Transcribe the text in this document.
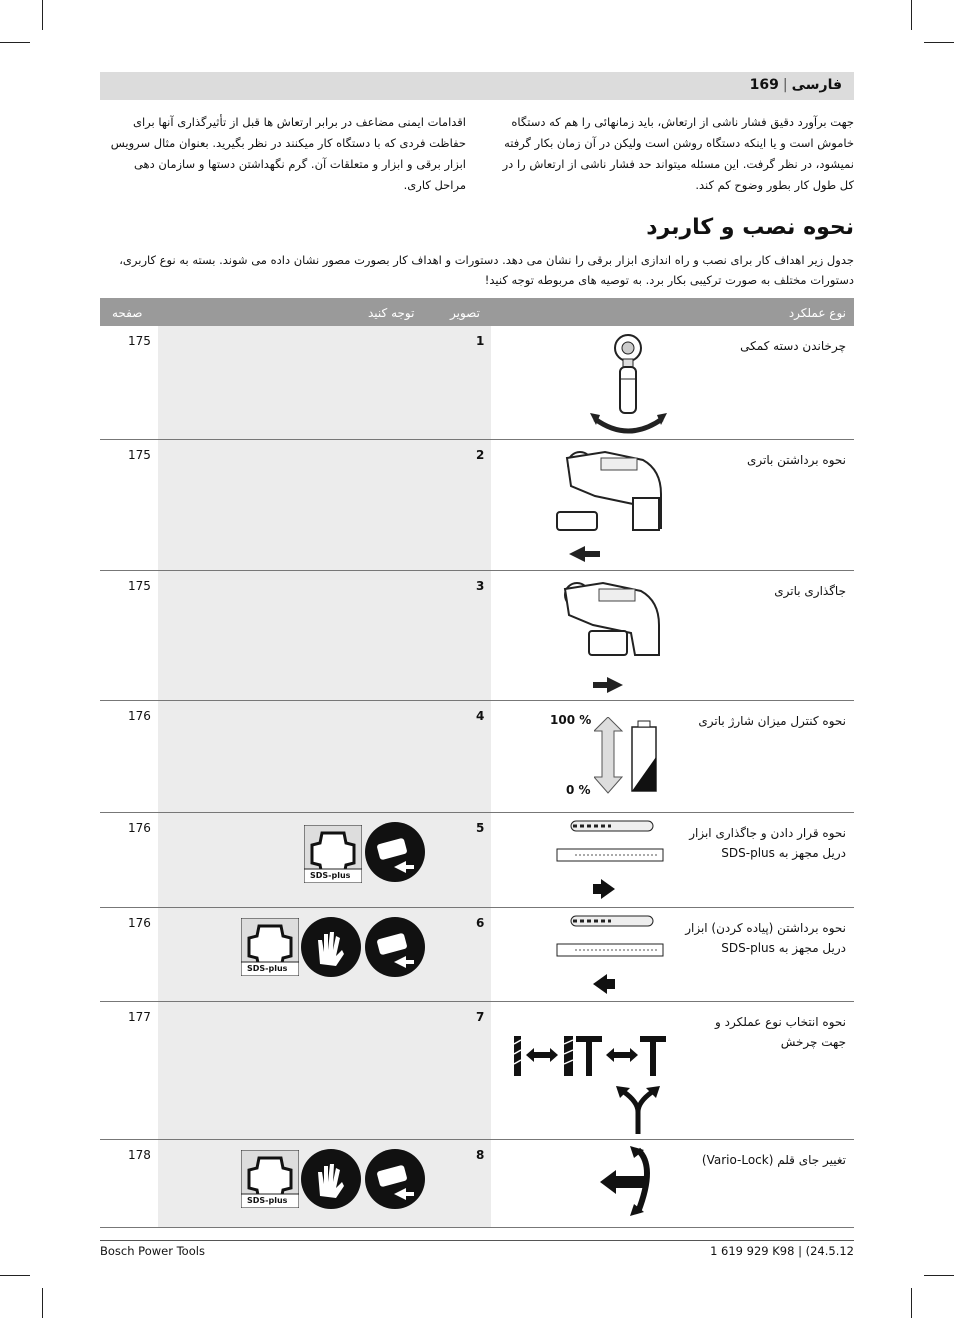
فارسی|169
جهت برآورد دقیق فشار ناشی از ارتعاش، باید زمانهائی را هم که دستگاه خاموش است و یا اینکه دستگاه روشن است ولیکن در آن زمان بکار گرفته نمیشود، در نظر گرفت. این مسئله میتواند حد فشار ناشی از ارتعاش را در کل طول کار بطور وضوح کم کند.
اقدامات ایمنی مضاعف در برابر ارتعاش ها قبل از تأثیرگذاری آنها برای حفاظت فردی که با دستگاه کار میکنند در نظر بگیرید. بعنوان مثال سرویس ابزار برقی و ابزار و متعلقات آن. گرم نگهداشتن دستها و سازمان دهی مراحل کاری.
نحوه نصب و کاربرد
جدول زیر اهداف کار برای نصب و راه اندازی ابزار برقی را نشان می دهد. دستورات و اهداف کار بصورت مصور نشان داده می شوند. بسته به نوع کاربری، دستورات مختلف به صورت ترکیبی بکار برد. به توصیه های مربوطه توجه کنید!
نوع عملکرد
تصویر
توجه کنید
صفحه
175	1	چرخاندن دسته کمکی
175	2	نحوه برداشتن باتری
175	3	جاگذاری باتری
176	4	نحوه کنترل میزان شارژ باتری
100 %
0 %
176	5	نحوه قرار دادن و جاگذاری ابزار
دریل مجهز به SDS-plus
SDS-plus
176	6	نحوه برداشتن (پیاده کردن) ابزار
دریل مجهز به SDS-plus
SDS-plus
177	7	نحوه انتخاب نوع عملکرد و
جهت چرخش
178	8	تغییر جای قلم (Vario-Lock)
SDS-plus
Bosch Power Tools	1 619 929 K98 | (24.5.12
